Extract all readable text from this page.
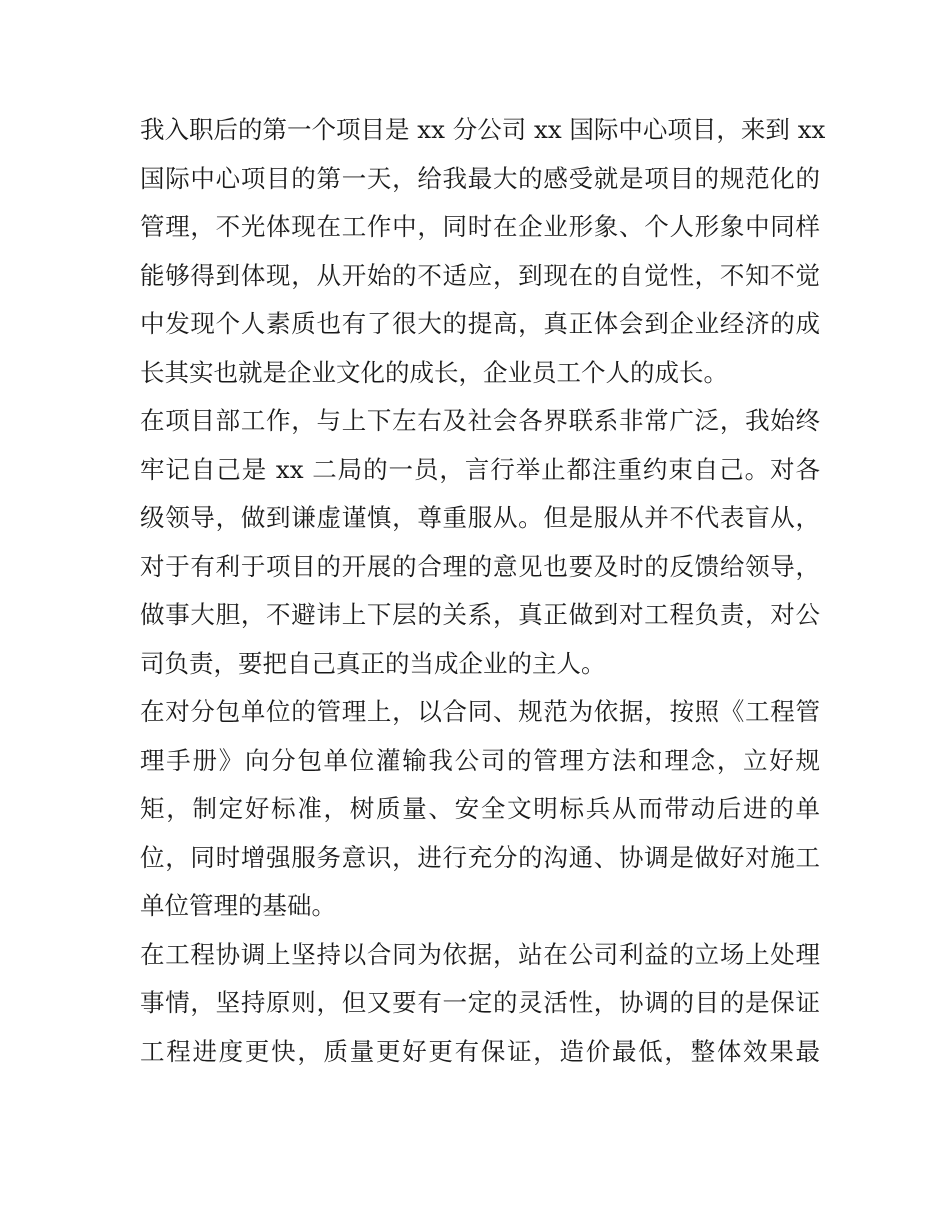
我入职后的第一个项目是 xx 分公司 xx 国际中心项目，来到 xx
国际中心项目的第一天，给我最大的感受就是项目的规范化的
管理，不光体现在工作中，同时在企业形象、个人形象中同样
能够得到体现，从开始的不适应，到现在的自觉性，不知不觉
中发现个人素质也有了很大的提高，真正体会到企业经济的成
长其实也就是企业文化的成长，企业员工个人的成长。
在项目部工作，与上下左右及社会各界联系非常广泛，我始终
牢记自己是 xx 二局的一员，言行举止都注重约束自己。对各
级领导，做到谦虚谨慎，尊重服从。但是服从并不代表盲从，
对于有利于项目的开展的合理的意见也要及时的反馈给领导，
做事大胆，不避讳上下层的关系，真正做到对工程负责，对公
司负责，要把自己真正的当成企业的主人。
在对分包单位的管理上，以合同、规范为依据，按照《工程管
理手册》向分包单位灌输我公司的管理方法和理念，立好规
矩，制定好标准，树质量、安全文明标兵从而带动后进的单
位，同时增强服务意识，进行充分的沟通、协调是做好对施工
单位管理的基础。
在工程协调上坚持以合同为依据，站在公司利益的立场上处理
事情，坚持原则，但又要有一定的灵活性，协调的目的是保证
工程进度更快，质量更好更有保证，造价最低，整体效果最
